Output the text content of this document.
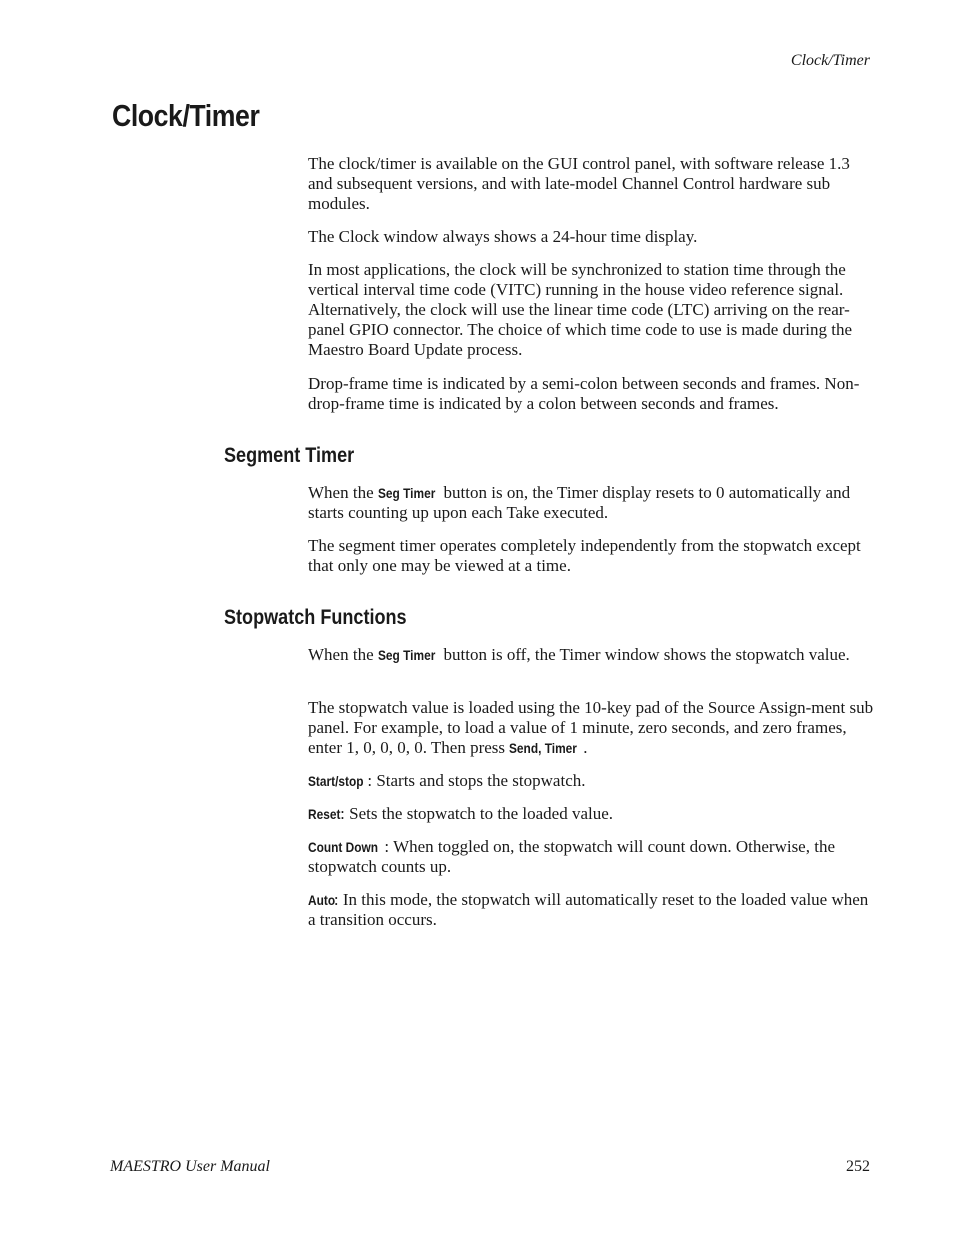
Clock/Timer
Clock/Timer

The clock/timer is available on the GUI control panel, with software release 1.3 and subsequent versions, and with late-model Channel Control hardware sub modules.

The Clock window always shows a 24-hour time display.

In most applications, the clock will be synchronized to station time through the vertical interval time code (VITC) running in the house video reference signal. Alternatively, the clock will use the linear time code (LTC) arriving on the rear-panel GPIO connector. The choice of which time code to use is made during the Maestro Board Update process.

Drop-frame time is indicated by a semi-colon between seconds and frames. Non-drop-frame time is indicated by a colon between seconds and frames.

Segment Timer

When the Seg Timer button is on, the Timer display resets to 0 automatically and starts counting up upon each Take executed.

The segment timer operates completely independently from the stopwatch except that only one may be viewed at a time.

Stopwatch Functions

When the Seg Timer button is off, the Timer window shows the stopwatch value.

The stopwatch value is loaded using the 10-key pad of the Source Assign-ment sub panel. For example, to load a value of 1 minute, zero seconds, and zero frames, enter 1, 0, 0, 0, 0. Then press Send, Timer .

Start/stop : Starts and stops the stopwatch.

Reset: Sets the stopwatch to the loaded value.

Count Down : When toggled on, the stopwatch will count down. Otherwise, the stopwatch counts up.

Auto: In this mode, the stopwatch will automatically reset to the loaded value when a transition occurs.

MAESTRO User Manual	252
